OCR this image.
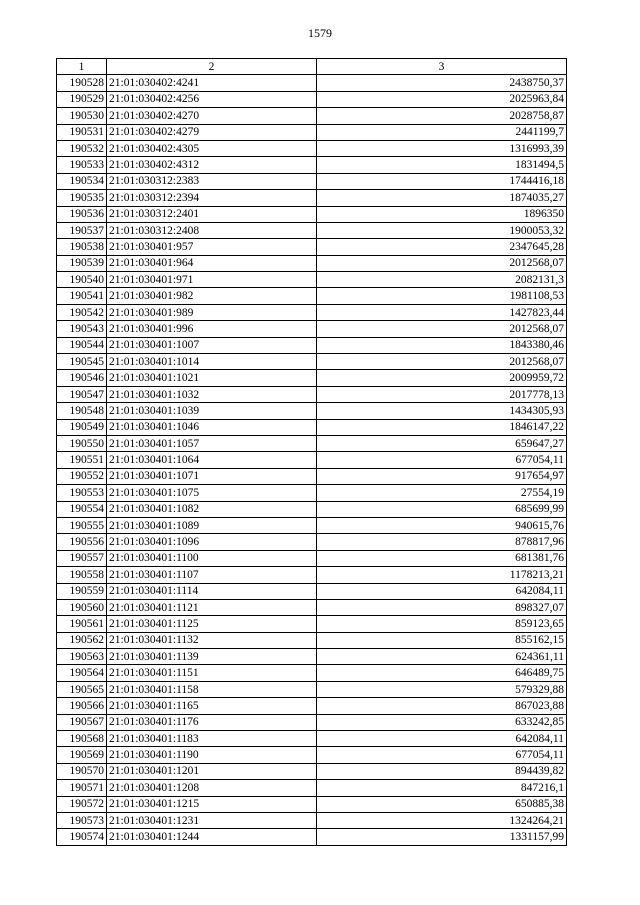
1579
1	2	3
190528	21:01:030402:4241	2438750,37
190529	21:01:030402:4256	2025963,84
190530	21:01:030402:4270	2028758,87
190531	21:01:030402:4279	2441199,7
190532	21:01:030402:4305	1316993,39
190533	21:01:030402:4312	1831494,5
190534	21:01:030312:2383	1744416,18
190535	21:01:030312:2394	1874035,27
190536	21:01:030312:2401	1896350
190537	21:01:030312:2408	1900053,32
190538	21:01:030401:957	2347645,28
190539	21:01:030401:964	2012568,07
190540	21:01:030401:971	2082131,3
190541	21:01:030401:982	1981108,53
190542	21:01:030401:989	1427823,44
190543	21:01:030401:996	2012568,07
190544	21:01:030401:1007	1843380,46
190545	21:01:030401:1014	2012568,07
190546	21:01:030401:1021	2009959,72
190547	21:01:030401:1032	2017778,13
190548	21:01:030401:1039	1434305,93
190549	21:01:030401:1046	1846147,22
190550	21:01:030401:1057	659647,27
190551	21:01:030401:1064	677054,11
190552	21:01:030401:1071	917654,97
190553	21:01:030401:1075	27554,19
190554	21:01:030401:1082	685699,99
190555	21:01:030401:1089	940615,76
190556	21:01:030401:1096	878817,96
190557	21:01:030401:1100	681381,76
190558	21:01:030401:1107	1178213,21
190559	21:01:030401:1114	642084,11
190560	21:01:030401:1121	898327,07
190561	21:01:030401:1125	859123,65
190562	21:01:030401:1132	855162,15
190563	21:01:030401:1139	624361,11
190564	21:01:030401:1151	646489,75
190565	21:01:030401:1158	579329,88
190566	21:01:030401:1165	867023,88
190567	21:01:030401:1176	633242,85
190568	21:01:030401:1183	642084,11
190569	21:01:030401:1190	677054,11
190570	21:01:030401:1201	894439,82
190571	21:01:030401:1208	847216,1
190572	21:01:030401:1215	650885,38
190573	21:01:030401:1231	1324264,21
190574	21:01:030401:1244	1331157,99
